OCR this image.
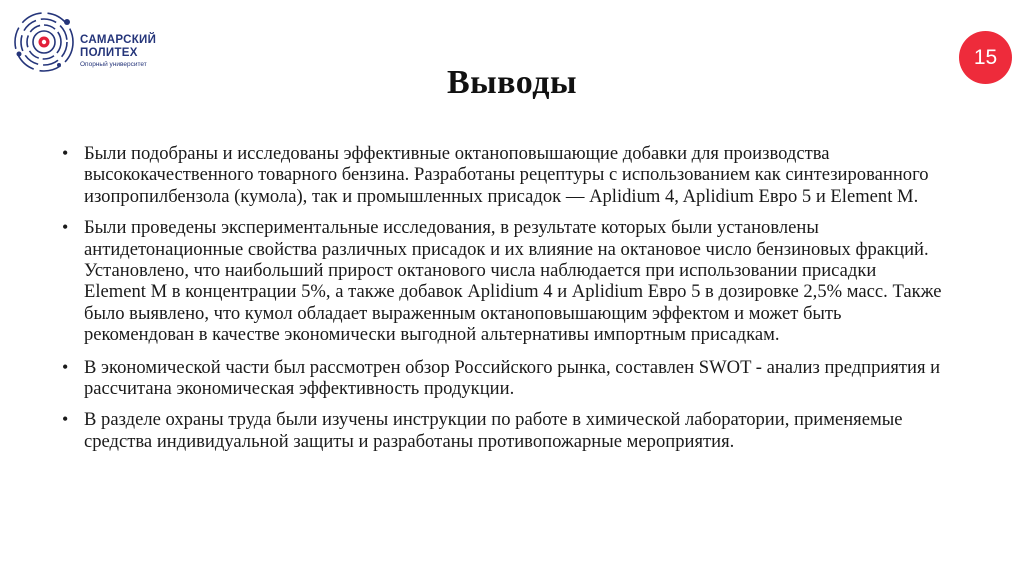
САМАРСКИЙ
ПОЛИТЕХ
Опорный университет	15
Выводы
• Были подобраны и исследованы эффективные октаноповышающие добавки для производства высококачественного товарного бензина. Разработаны рецептуры с использованием как синтезированного изопропилбензола (кумола), так и промышленных присадок — Aplidium 4, Aplidium Евро 5 и Element M.
• Были проведены экспериментальные исследования, в результате которых были установлены антидетонационные свойства различных присадок и их влияние на октановое число бензиновых фракций. Установлено, что наибольший прирост октанового числа наблюдается при использовании присадки Element M в концентрации 5%, а также добавок Aplidium 4 и Aplidium Евро 5 в дозировке 2,5% масс. Также было выявлено, что кумол обладает выраженным октаноповышающим эффектом и может быть рекомендован в качестве экономически выгодной альтернативы импортным присадкам.
• В экономической части был рассмотрен обзор Российского рынка, составлен SWOT - анализ предприятия и рассчитана экономическая эффективность продукции.
• В разделе охраны труда были изучены инструкции по работе в химической лаборатории, применяемые средства индивидуальной защиты и разработаны противопожарные мероприятия.
